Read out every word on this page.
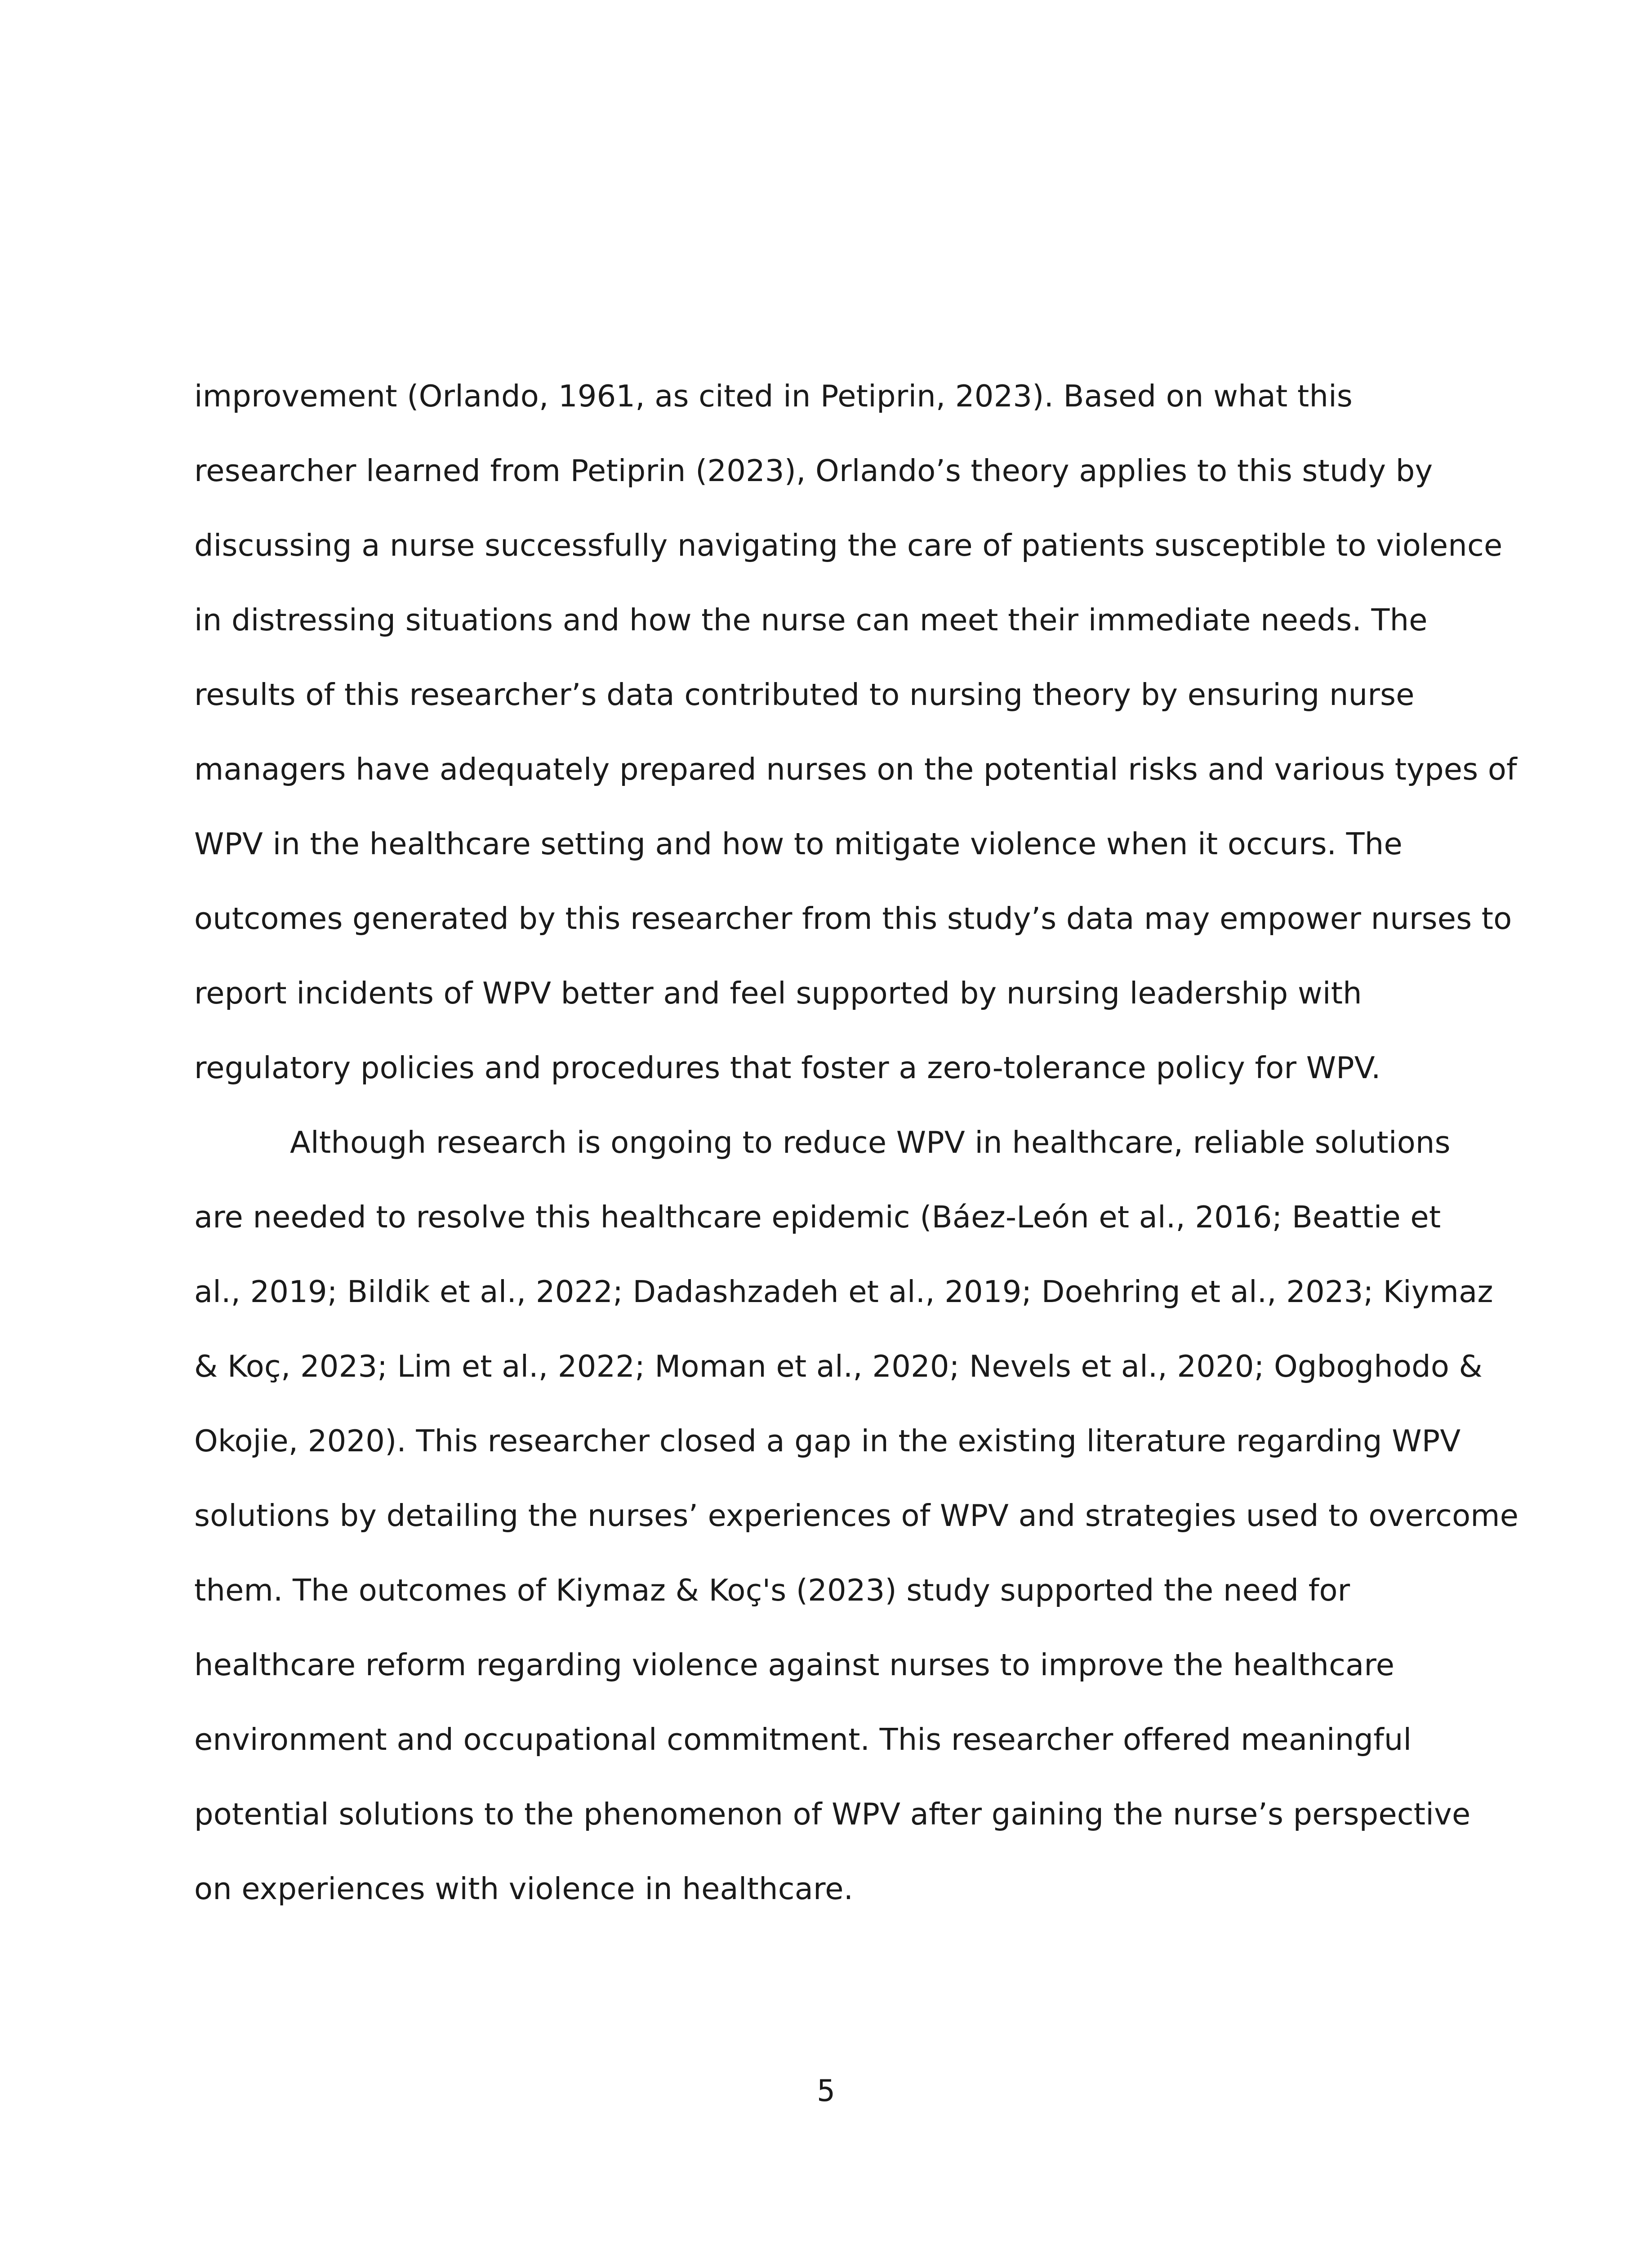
improvement (Orlando, 1961, as cited in Petiprin, 2023). Based on what this
researcher learned from Petiprin (2023), Orlando’s theory applies to this study by
discussing a nurse successfully navigating the care of patients susceptible to violence
in distressing situations and how the nurse can meet their immediate needs. The
results of this researcher’s data contributed to nursing theory by ensuring nurse
managers have adequately prepared nurses on the potential risks and various types of
WPV in the healthcare setting and how to mitigate violence when it occurs. The
outcomes generated by this researcher from this study’s data may empower nurses to
report incidents of WPV better and feel supported by nursing leadership with
regulatory policies and procedures that foster a zero-tolerance policy for WPV.
Although research is ongoing to reduce WPV in healthcare, reliable solutions
are needed to resolve this healthcare epidemic (Báez-León et al., 2016; Beattie et
al., 2019; Bildik et al., 2022; Dadashzadeh et al., 2019; Doehring et al., 2023; Kiymaz
& Koç, 2023; Lim et al., 2022; Moman et al., 2020; Nevels et al., 2020; Ogboghodo &
Okojie, 2020). This researcher closed a gap in the existing literature regarding WPV
solutions by detailing the nurses’ experiences of WPV and strategies used to overcome
them. The outcomes of Kiymaz & Koç's (2023) study supported the need for
healthcare reform regarding violence against nurses to improve the healthcare
environment and occupational commitment. This researcher offered meaningful
potential solutions to the phenomenon of WPV after gaining the nurse’s perspective
on experiences with violence in healthcare.
5
